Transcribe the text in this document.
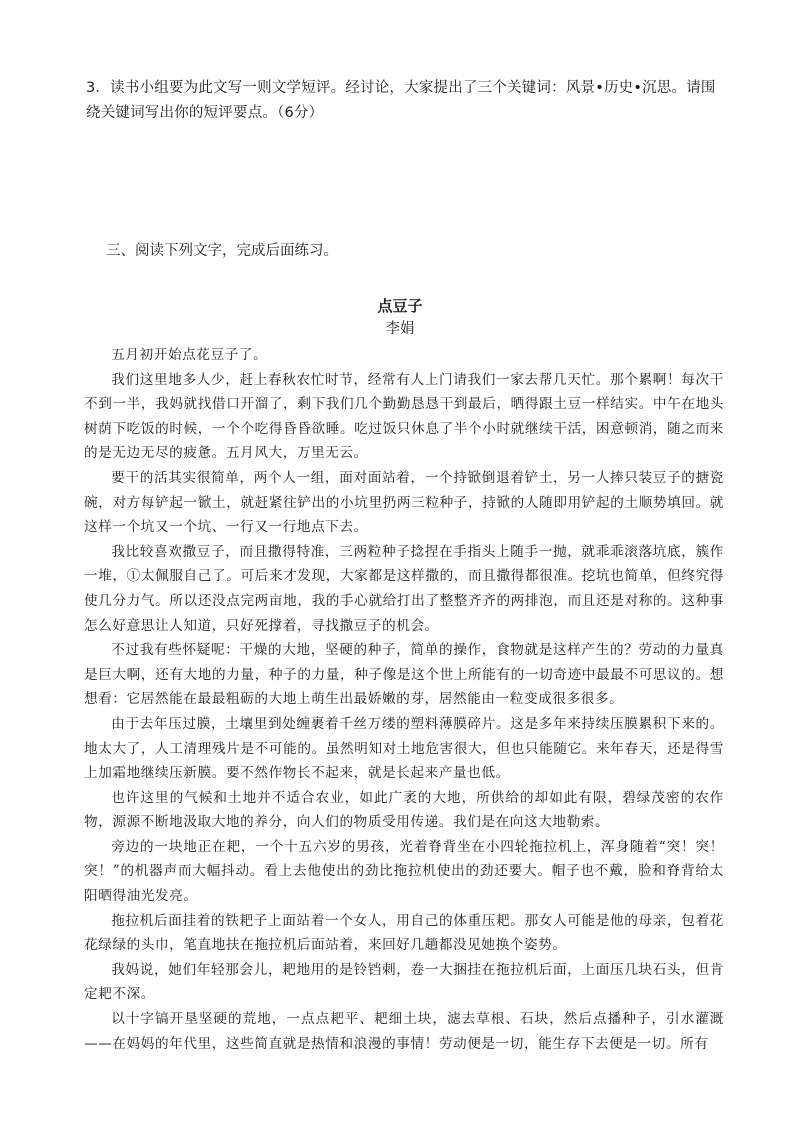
3．读书小组要为此文写一则文学短评。经讨论，大家提出了三个关键词：风景•历史•沉思。请围绕关键词写出你的短评要点。（6分）
三、阅读下列文字，完成后面练习。
点豆子
李娟

五月初开始点花豆子了。

我们这里地多人少，赶上春秋农忙时节，经常有人上门请我们一家去帮几天忙。那个累啊！每次干不到一半，我妈就找借口开溜了，剩下我们几个勤勤恳恳干到最后，晒得跟土豆一样结实。中午在地头树荫下吃饭的时候，一个个吃得昏昏欲睡。吃过饭只休息了半个小时就继续干活，困意顿消，随之而来的是无边无尽的疲惫。五月风大，万里无云。

要干的活其实很简单，两个人一组，面对面站着，一个持锨倒退着铲土，另一人捧只装豆子的搪瓷碗，对方每铲起一锨土，就赶紧往铲出的小坑里扔两三粒种子，持锨的人随即用铲起的土顺势填回。就这样一个坑又一个坑、一行又一行地点下去。

我比较喜欢撒豆子，而且撒得特准，三两粒种子捻捏在手指头上随手一抛，就乖乖滚落坑底，簇作一堆，①太佩服自己了。可后来才发现，大家都是这样撒的，而且撒得都很准。挖坑也简单，但终究得使几分力气。所以还没点完两亩地，我的手心就给打出了整整齐齐的两排泡，而且还是对称的。这种事怎么好意思让人知道，只好死撑着，寻找撒豆子的机会。

不过我有些怀疑呢：干燥的大地，坚硬的种子，简单的操作，食物就是这样产生的？劳动的力量真是巨大啊，还有大地的力量，种子的力量，种子像是这个世上所能有的一切奇迹中最最不可思议的。想想看：它居然能在最最粗砺的大地上萌生出最娇嫩的芽，居然能由一粒变成很多很多。

由于去年压过膜，土壤里到处缠裹着千丝万缕的塑料薄膜碎片。这是多年来持续压膜累积下来的。地太大了，人工清理残片是不可能的。虽然明知对土地危害很大，但也只能随它。来年春天，还是得雪上加霜地继续压新膜。要不然作物长不起来，就是长起来产量也低。

也许这里的气候和土地并不适合农业，如此广袤的大地，所供给的却如此有限，碧绿茂密的农作物，源源不断地汲取大地的养分，向人们的物质受用传递。我们是在向这大地勒索。

旁边的一块地正在耙，一个十五六岁的男孩，光着脊背坐在小四轮拖拉机上，浑身随着“突！突！突！”的机器声而大幅抖动。看上去他使出的劲比拖拉机使出的劲还要大。帽子也不戴，脸和脊背给太阳晒得油光发亮。

拖拉机后面挂着的铁耙子上面站着一个女人，用自己的体重压耙。那女人可能是他的母亲，包着花花绿绿的头巾，笔直地扶在拖拉机后面站着，来回好几趟都没见她换个姿势。

我妈说，她们年轻那会儿，耙地用的是铃铛刺，卷一大捆挂在拖拉机后面，上面压几块石头，但肯定耙不深。

以十字镐开垦坚硬的荒地，一点点耙平、耙细土块，滤去草根、石块，然后点播种子，引水灌溉——在妈妈的年代里，这些简直就是热情和浪漫的事情！劳动便是一切，能生存下去便是一切。所有
